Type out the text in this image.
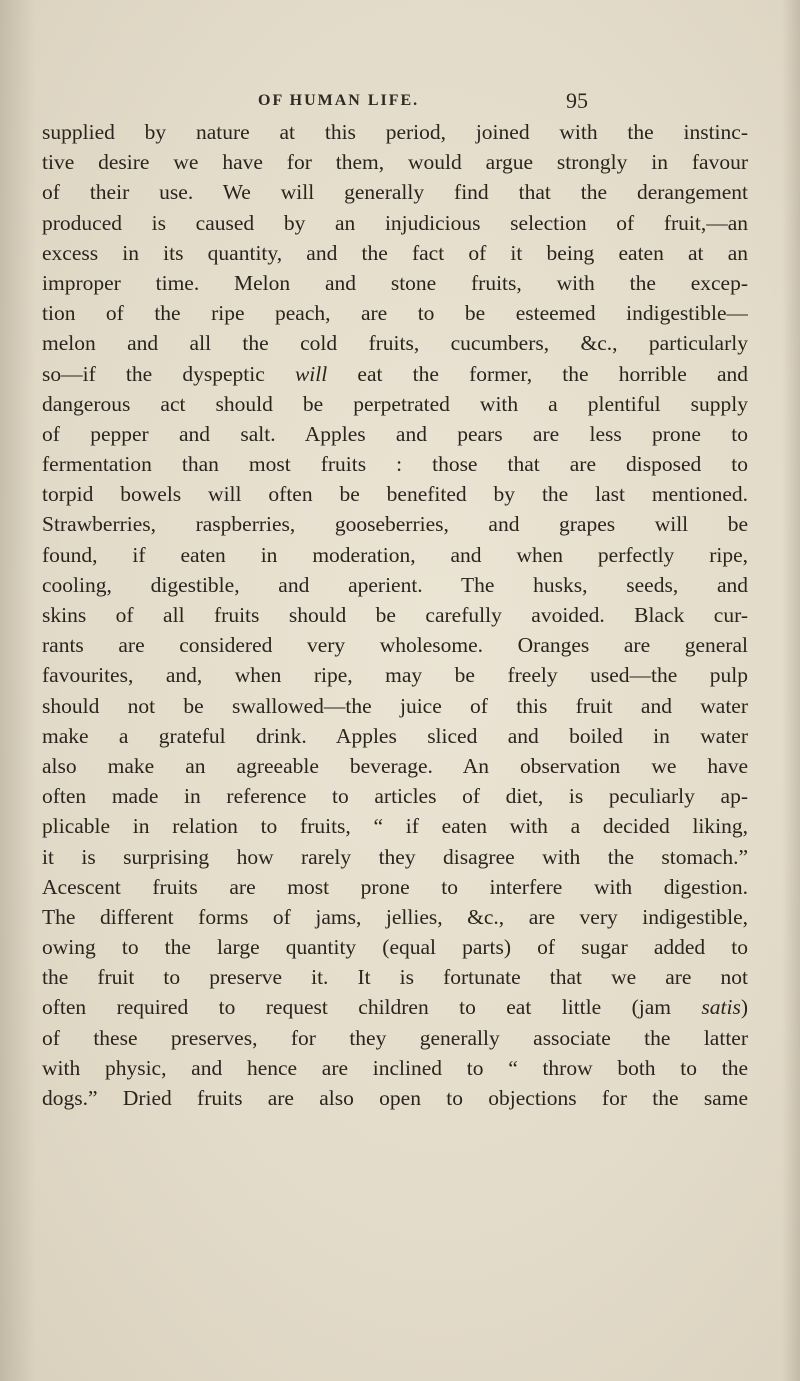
OF HUMAN LIFE.	95
supplied by nature at this period, joined with the instinc-
tive desire we have for them, would argue strongly in favour
of their use. We will generally find that the derangement
produced is caused by an injudicious selection of fruit,—an
excess in its quantity, and the fact of it being eaten at an
improper time. Melon and stone fruits, with the excep-
tion of the ripe peach, are to be esteemed indigestible—
melon and all the cold fruits, cucumbers, &c., particularly
so—if the dyspeptic will eat the former, the horrible and
dangerous act should be perpetrated with a plentiful supply
of pepper and salt. Apples and pears are less prone to
fermentation than most fruits : those that are disposed to
torpid bowels will often be benefited by the last mentioned.
Strawberries, raspberries, gooseberries, and grapes will be
found, if eaten in moderation, and when perfectly ripe,
cooling, digestible, and aperient. The husks, seeds, and
skins of all fruits should be carefully avoided. Black cur-
rants are considered very wholesome. Oranges are general
favourites, and, when ripe, may be freely used—the pulp
should not be swallowed—the juice of this fruit and water
make a grateful drink. Apples sliced and boiled in water
also make an agreeable beverage. An observation we have
often made in reference to articles of diet, is peculiarly ap-
plicable in relation to fruits, “ if eaten with a decided liking,
it is surprising how rarely they disagree with the stomach.”
Acescent fruits are most prone to interfere with digestion.
The different forms of jams, jellies, &c., are very indigestible,
owing to the large quantity (equal parts) of sugar added to
the fruit to preserve it. It is fortunate that we are not
often required to request children to eat little (jam satis)
of these preserves, for they generally associate the latter
with physic, and hence are inclined to “ throw both to the
dogs.” Dried fruits are also open to objections for the same
